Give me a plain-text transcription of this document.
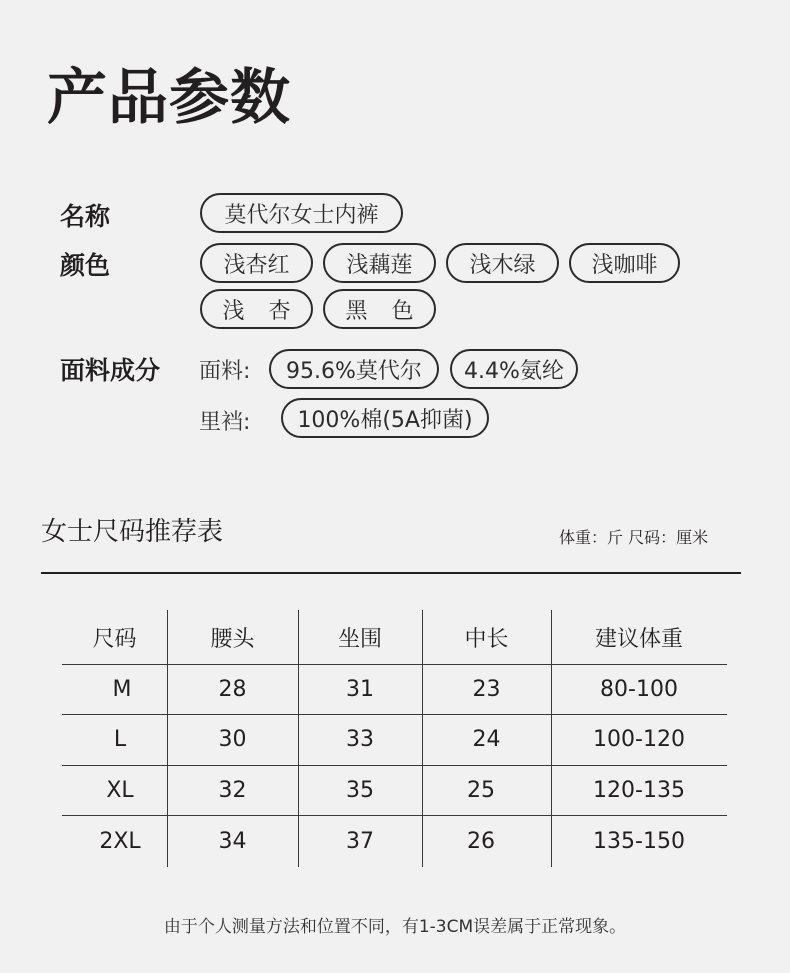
产品参数
名称	莫代尔女士内裤
颜色	浅杏红	浅藕莲	浅木绿	浅咖啡
浅杏	黑色
面料成分 面料:	95.6%莫代尔	4.4%氨纶
里裆:	100%棉(5A抑菌)
女士尺码推荐表	体重：斤 尺码：厘米
尺码	腰头	坐围	中长	建议体重
M	28	31	23	80-100
L	30	33	24	100-120
XL	32	35	25	120-135
2XL	34	37	26	135-150
由于个人测量方法和位置不同，有1-3CM误差属于正常现象。
